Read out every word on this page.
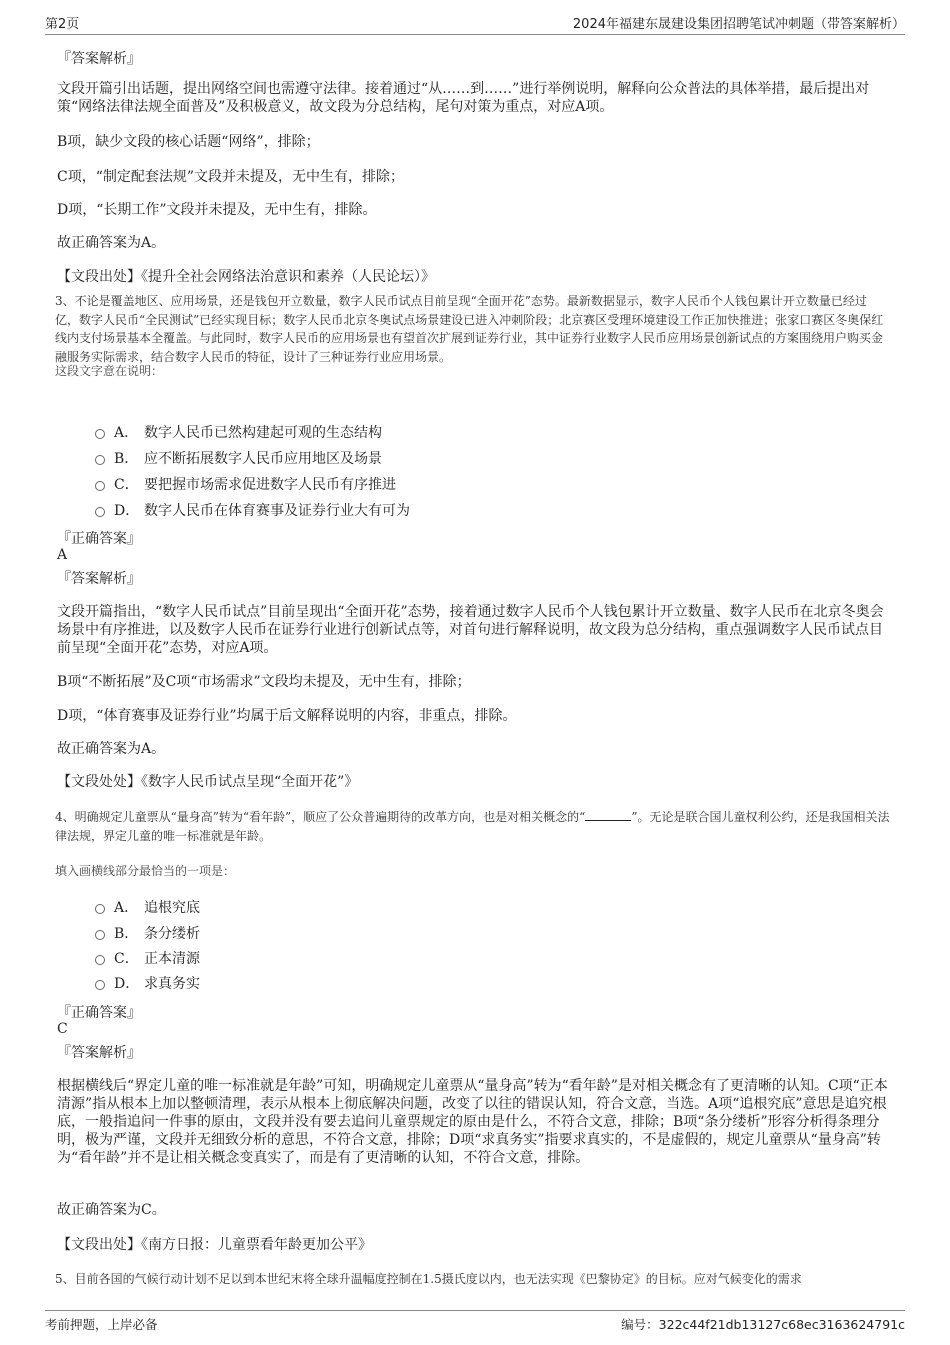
第2页	2024年福建东晟建设集团招聘笔试冲刺题（带答案解析）
『答案解析』
文段开篇引出话题，提出网络空间也需遵守法律。接着通过“从……到……”进行举例说明，解释向公众普法的具体举措，最后提出对策“网络法律法规全面普及”及积极意义，故文段为分总结构，尾句对策为重点，对应A项。
B项，缺少文段的核心话题“网络”，排除；
C项，“制定配套法规”文段并未提及，无中生有，排除；
D项，“长期工作”文段并未提及，无中生有，排除。
故正确答案为A。
【文段出处】《提升全社会网络法治意识和素养（人民论坛）》
3、不论是覆盖地区、应用场景，还是钱包开立数量，数字人民币试点目前呈现“全面开花”态势。最新数据显示，数字人民币个人钱包累计开立数量已经过亿，数字人民币“全民测试”已经实现目标；数字人民币北京冬奥试点场景建设已进入冲刺阶段；北京赛区受理环境建设工作正加快推进；张家口赛区冬奥保红线内支付场景基本全覆盖。与此同时，数字人民币的应用场景也有望首次扩展到证券行业，其中证券行业数字人民币应用场景创新试点的方案围绕用户购买金融服务实际需求，结合数字人民币的特征，设计了三种证券行业应用场景。
这段文字意在说明：
A． 数字人民币已然构建起可观的生态结构
B． 应不断拓展数字人民币应用地区及场景
C． 要把握市场需求促进数字人民币有序推进
D． 数字人民币在体育赛事及证券行业大有可为
『正确答案』
A
『答案解析』
文段开篇指出，“数字人民币试点”目前呈现出“全面开花”态势，接着通过数字人民币个人钱包累计开立数量、数字人民币在北京冬奥会场景中有序推进，以及数字人民币在证券行业进行创新试点等，对首句进行解释说明，故文段为总分结构，重点强调数字人民币试点目前呈现“全面开花”态势，对应A项。
B项“不断拓展”及C项“市场需求”文段均未提及，无中生有，排除；
D项，“体育赛事及证券行业”均属于后文解释说明的内容，非重点，排除。
故正确答案为A。
【文段处处】《数字人民币试点呈现“全面开花”》
4、明确规定儿童票从“量身高”转为“看年龄”，顺应了公众普遍期待的改革方向，也是对相关概念的“	”。无论是联合国儿童权利公约，还是我国相关法律法规，界定儿童的唯一标准就是年龄。
填入画横线部分最恰当的一项是：
A． 追根究底
B． 条分缕析
C． 正本清源
D． 求真务实
『正确答案』
C
『答案解析』
根据横线后“界定儿童的唯一标准就是年龄”可知，明确规定儿童票从“量身高”转为“看年龄”是对相关概念有了更清晰的认知。C项“正本清源”指从根本上加以整顿清理，表示从根本上彻底解决问题，改变了以往的错误认知，符合文意，当选。A项“追根究底”意思是追究根底，一般指追问一件事的原由，文段并没有要去追问儿童票规定的原由是什么，不符合文意，排除；B项“条分缕析”形容分析得条理分明，极为严谨，文段并无细致分析的意思，不符合文意，排除；D项“求真务实”指要求真实的，不是虚假的，规定儿童票从“量身高”转为“看年龄”并不是让相关概念变真实了，而是有了更清晰的认知，不符合文意，排除。
故正确答案为C。
【文段出处】《南方日报：儿童票看年龄更加公平》
5、目前各国的气候行动计划不足以到本世纪末将全球升温幅度控制在1.5摄氏度以内，也无法实现《巴黎协定》的目标。应对气候变化的需求
考前押题，上岸必备	编号：322c44f21db13127c68ec3163624791c
